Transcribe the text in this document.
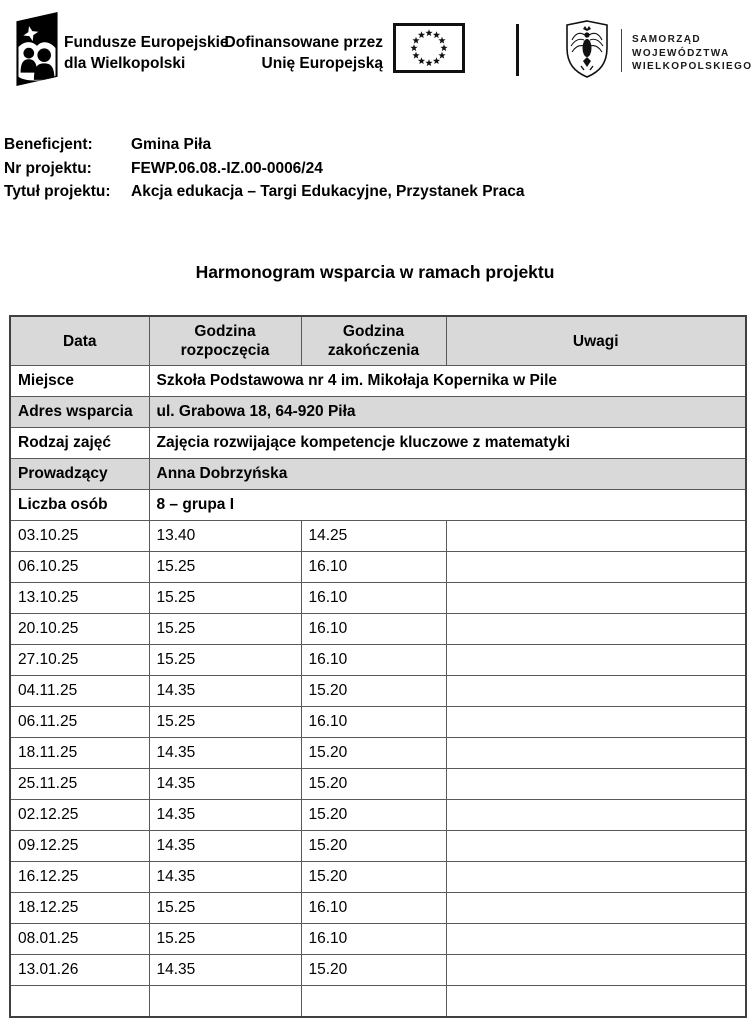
Fundusze Europejskie
dla Wielkopolski
Dofinansowane przez
Unię Europejską
SAMORZĄD
WOJEWÓDZTWA
WIELKOPOLSKIEGO
Beneficjent:	Gmina Piła
Nr projektu:	FEWP.06.08.-IZ.00-0006/24
Tytuł projektu:	Akcja edukacja – Targi Edukacyjne, Przystanek Praca
Harmonogram wsparcia w ramach projektu
Miejsce	Szkoła Podstawowa nr 4 im. Mikołaja Kopernika w Pile		
Adres wsparcia	ul. Grabowa 18, 64-920 Piła		
Rodzaj zajęć	Zajęcia rozwijające kompetencje kluczowe z matematyki		
Prowadzący	Anna Dobrzyńska		
Liczba osób	8 – grupa I		
Data	Godzina rozpoczęcia	Godzina zakończenia	Uwagi
03.10.25	13.40	14.25	
06.10.25	15.25	16.10	
13.10.25	15.25	16.10	
20.10.25	15.25	16.10	
27.10.25	15.25	16.10	
04.11.25	14.35	15.20	
06.11.25	15.25	16.10	
18.11.25	14.35	15.20	
25.11.25	14.35	15.20	
02.12.25	14.35	15.20	
09.12.25	14.35	15.20	
16.12.25	14.35	15.20	
18.12.25	15.25	16.10	
08.01.25	15.25	16.10	
13.01.26	14.35	15.20	
